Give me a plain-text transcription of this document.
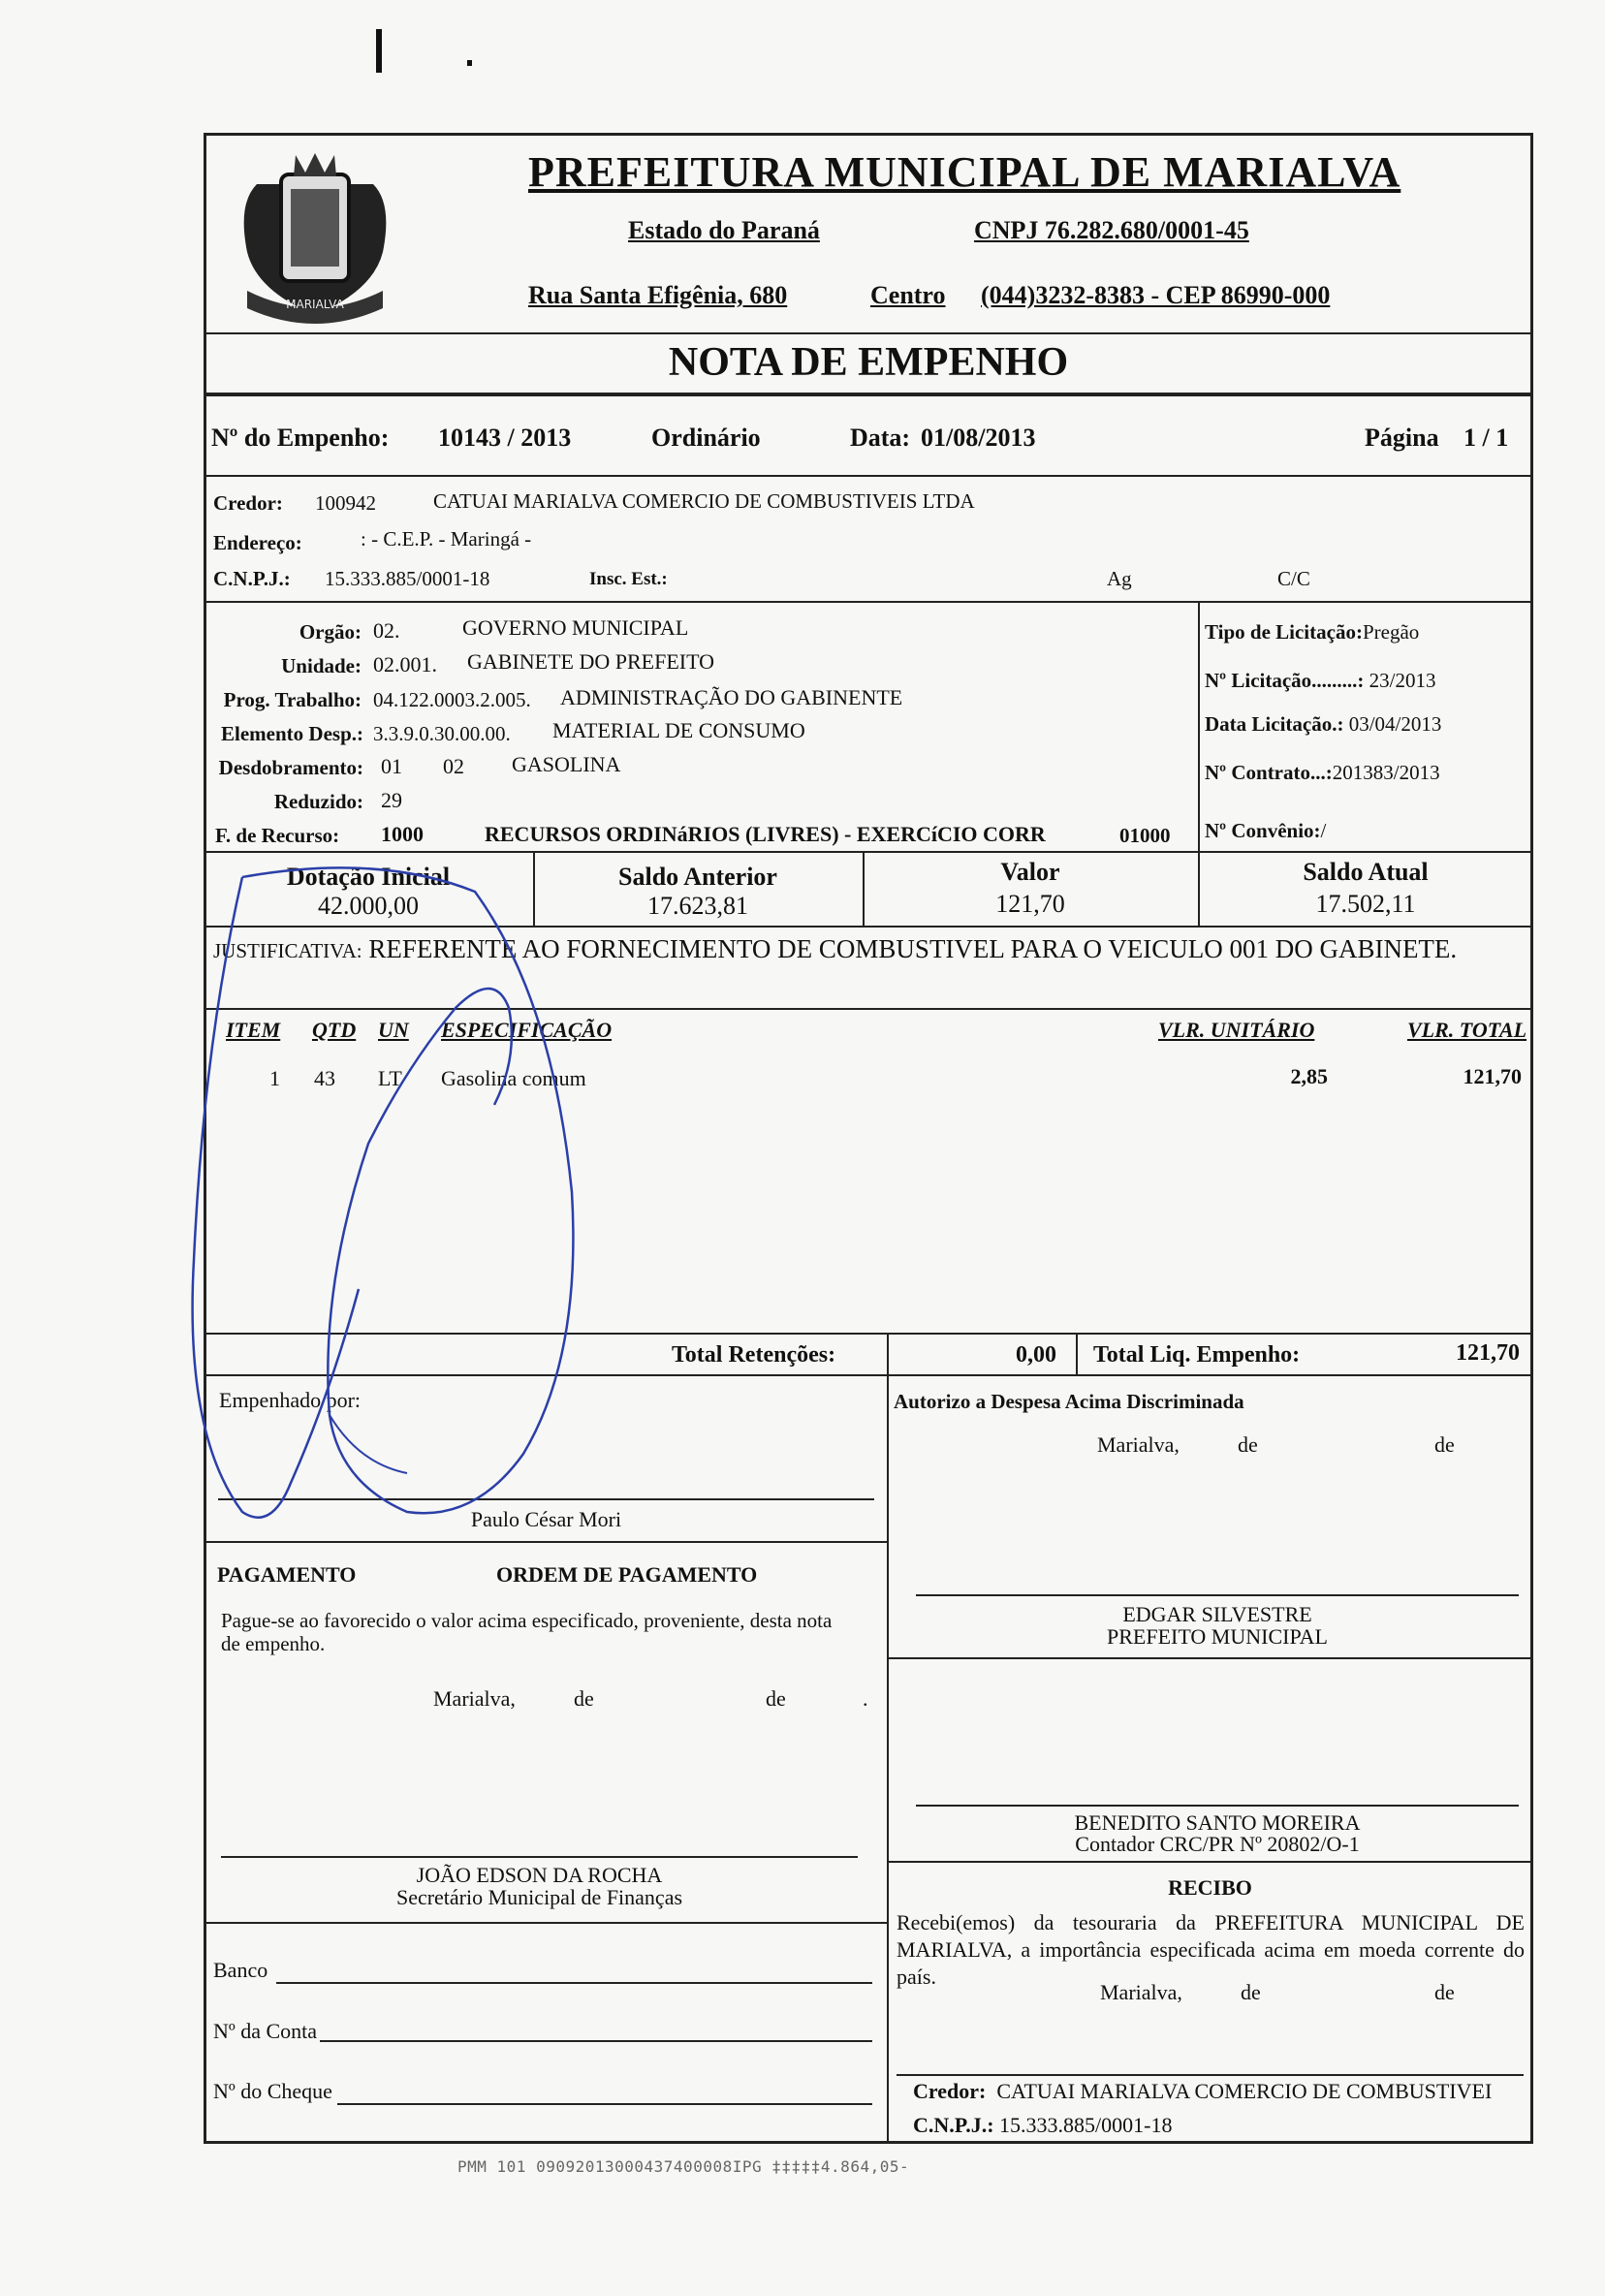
MARIALVA
PREFEITURA MUNICIPAL DE MARIALVA
Estado do Paraná	CNPJ 76.282.680/0001-45
Rua Santa Efigênia, 680	Centro (044)3232-8383 - CEP 86990-000
NOTA DE EMPENHO
Nº do Empenho: 10143 / 2013	Ordinário	Data: 01/08/2013	Página 1 / 1
Credor: 100942	CATUAI MARIALVA COMERCIO DE COMBUSTIVEIS LTDA
Endereço:	: - C.E.P. - Maringá -
C.N.P.J.: 15.333.885/0001-18	Insc. Est.:	Ag	C/C
Orgão: 02.	GOVERNO MUNICIPAL
Unidade: 02.001. GABINETE DO PREFEITO
Prog. Trabalho: 04.122.0003.2.005. ADMINISTRAÇÃO DO GABINENTE
Elemento Desp.: 3.3.9.0.30.00.00. MATERIAL DE CONSUMO
Desdobramento: 01 02 GASOLINA
Reduzido: 29
F. de Recurso: 1000	RECURSOS ORDINáRIOS (LIVRES) - EXERCíCIO CORR	01000
Tipo de Licitação:Pregão
Nº Licitação.........: 23/2013
Data Licitação.: 03/04/2013
Nº Contrato...:201383/2013
Nº Convênio:/
Dotação Inicial
42.000,00
Saldo Anterior
17.623,81
Valor
121,70
Saldo Atual
17.502,11
JUSTIFICATIVA: REFERENTE AO FORNECIMENTO DE COMBUSTIVEL PARA O VEICULO 001 DO GABINETE.
ITEM QTD UN ESPECIFICAÇÃO	VLR. UNITÁRIO	VLR. TOTAL
1 43 LT Gasolina comum	2,85	121,70
Total Retenções:	0,00 Total Liq. Empenho:	121,70
Empenhado por:
Paulo César Mori
Autorizo a Despesa Acima Discriminada
Marialva,	de	de
EDGAR SILVESTRE
PREFEITO MUNICIPAL
PAGAMENTO	ORDEM DE PAGAMENTO
Pague-se ao favorecido o valor acima especificado, proveniente, desta nota de empenho.
Marialva,	de	de	.
JOÃO EDSON DA ROCHA
Secretário Municipal de Finanças
BENEDITO SANTO MOREIRA
Contador CRC/PR Nº 20802/O-1
RECIBO
Recebi(emos) da tesouraria da PREFEITURA MUNICIPAL DE MARIALVA, a importância especificada acima em moeda corrente do país.
Marialva,	de	de
Credor: CATUAI MARIALVA COMERCIO DE COMBUSTIVEI
C.N.P.J.: 15.333.885/0001-18
Banco
Nº da Conta
Nº do Cheque
PMM 101 09092013000437400008IPG ‡‡‡‡‡4.864,05-
